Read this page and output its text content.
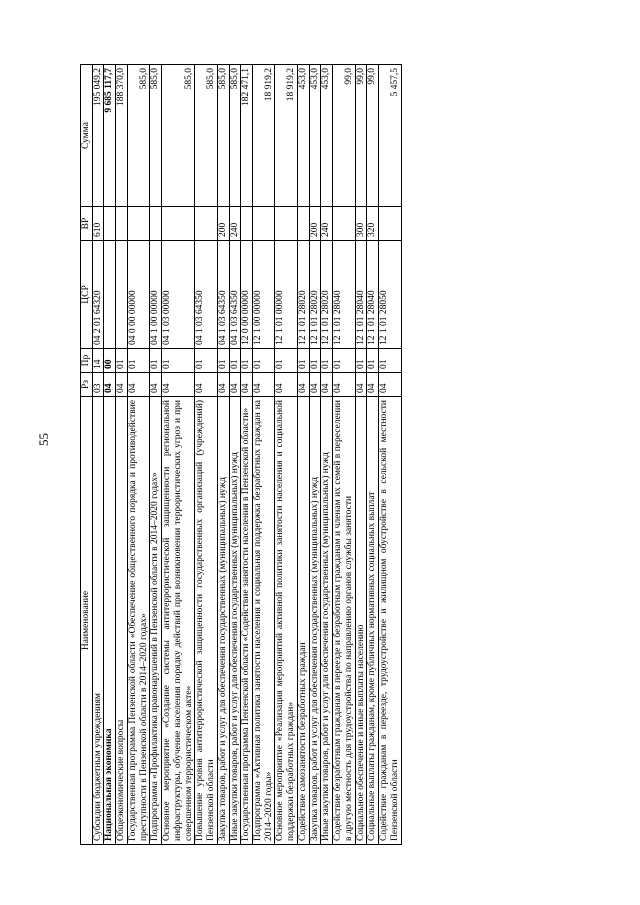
55
Наименование	Рз	Пр	ЦСР	ВР	Сумма
Субсидии бюджетным учреждениям	03	14	04 2 01 64320	610	195 049,2
Национальная экономика	04	00			9 685 117,7
Общеэкономические вопросы	04	01			188 370,0
Государственная программа Пензенской области «Обеспечение общественного порядка и противодействие преступности в Пензенской области в 2014–2020 годах»	04	01	04 0 00 00000		585,0
Подпрограмма «Профилактика правонарушений в Пензенской области в 2014–2020 годах»	04	01	04 1 00 00000		585,0
Основное мероприятие «Создание системы антитеррористической защищенности региональной инфраструктуры, обучение населения порядку действий при возникновении террористических угроз и при совершенном террористическом акте»	04	01	04 1 03 00000		585,0
Повышение уровня антитеррористической защищенности государственных организаций (учреждений) Пензенской области	04	01	04 1 03 64350		585,0
Закупка товаров, работ и услуг для обеспечения государственных (муниципальных) нужд	04	01	04 1 03 64350	200	585,0
Иные закупки товаров, работ и услуг для обеспечения государственных (муниципальных) нужд	04	01	04 1 03 64350	240	585,0
Государственная программа Пензенской области «Содействие занятости населения в Пензенской области»	04	01	12 0 00 00000		182 471,1
Подпрограмма «Активная политика занятости населения и социальная поддержка безработных граждан на 2014–2020 годы»	04	01	12 1 00 00000		18 919,2
Основное мероприятие «Реализация мероприятий активной политики занятости населения и социальной поддержки безработных граждан»	04	01	12 1 01 00000		18 919,2
Содействие самозанятости безработных граждан	04	01	12 1 01 28020		453,0
Закупка товаров, работ и услуг для обеспечения государственных (муниципальных) нужд	04	01	12 1 01 28020	200	453,0
Иные закупки товаров, работ и услуг для обеспечения государственных (муниципальных) нужд	04	01	12 1 01 28020	240	453,0
Содействие безработным гражданам в переезде и безработным гражданам и членам их семей в переселении в другую местность для трудоустройства по направлению органов службы занятости	04	01	12 1 01 28040		99,0
Социальное обеспечение и иные выплаты населению	04	01	12 1 01 28040	300	99,0
Социальные выплаты гражданам, кроме публичных нормативных социальных выплат	04	01	12 1 01 28040	320	99,0
Содействие гражданам в переезде, трудоустройстве и жилищном обустройстве в сельской местности Пензенской области	04	01	12 1 01 28050		5 457,5
